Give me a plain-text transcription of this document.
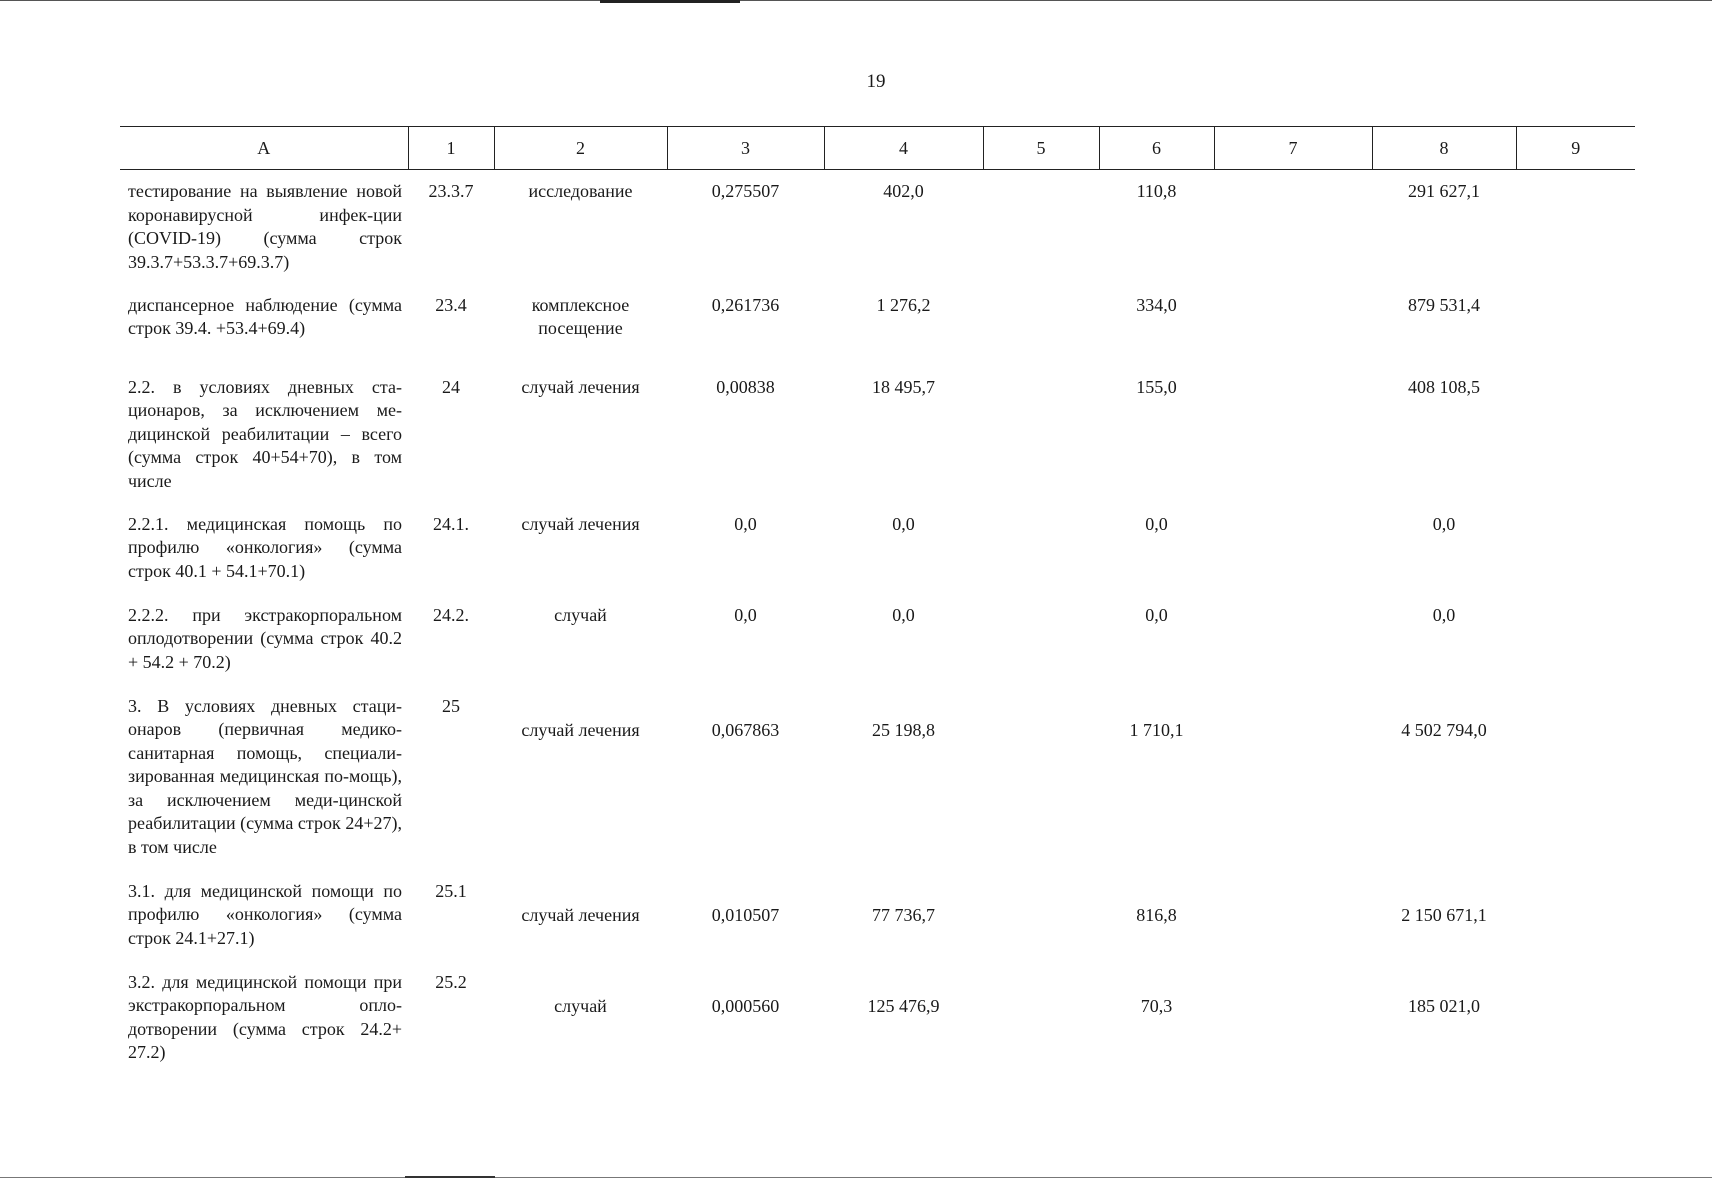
19
А	1	2	3	4	5	6	7	8	9
тестирование на выявление новой коронавирусной инфек-ции (COVID-19) (сумма строк 39.3.7+53.3.7+69.3.7)	23.3.7	исследование	0,275507	402,0		110,8		291 627,1	
диспансерное наблюдение (сумма строк 39.4. +53.4+69.4)	23.4	комплексное посещение	0,261736	1 276,2		334,0		879 531,4	
2.2. в условиях дневных ста-ционаров, за исключением ме-дицинской реабилитации – всего (сумма строк 40+54+70), в том числе	24	случай лечения	0,00838	18 495,7		155,0		408 108,5	
2.2.1. медицинская помощь по профилю «онкология» (сумма строк 40.1 + 54.1+70.1)	24.1.	случай лечения	0,0	0,0		0,0		0,0	
2.2.2. при экстракорпоральном оплодотворении (сумма строк 40.2 + 54.2 + 70.2)	24.2.	случай	0,0	0,0		0,0		0,0	
3. В условиях дневных стаци-онаров (первичная медико-санитарная помощь, специали-зированная медицинская по-мощь), за исключением меди-цинской реабилитации (сумма строк 24+27), в том числе	25	случай лечения	0,067863	25 198,8		1 710,1		4 502 794,0	
3.1. для медицинской помощи по профилю «онкология» (сумма строк 24.1+27.1)	25.1	случай лечения	0,010507	77 736,7		816,8		2 150 671,1	
3.2. для медицинской помощи при экстракорпоральном опло-дотворении (сумма строк 24.2+ 27.2)	25.2	случай	0,000560	125 476,9		70,3		185 021,0	
